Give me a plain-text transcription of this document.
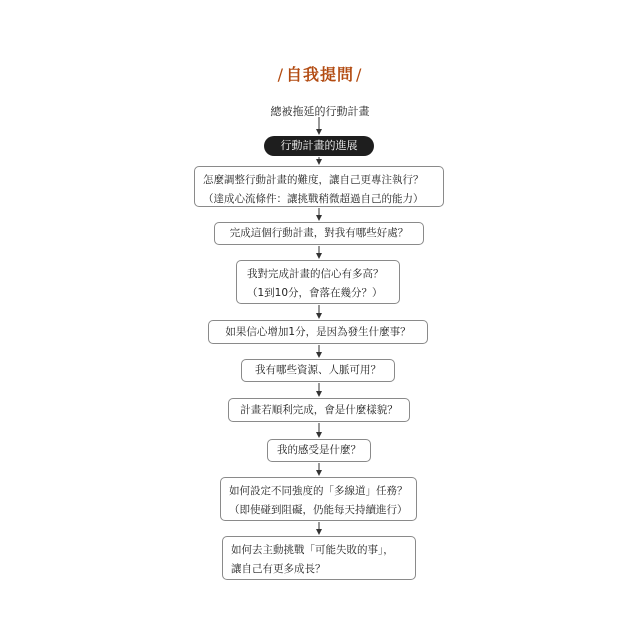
/ 自我提問 /
總被拖延的行動計畫
行動計畫的進展
怎麼調整行動計畫的難度，讓自己更專注執行？
（達成心流條件：讓挑戰稍微超過自己的能力）
完成這個行動計畫，對我有哪些好處？
我對完成計畫的信心有多高？
（1到10分，會落在幾分？）
如果信心增加1分，是因為發生什麼事？
我有哪些資源、人脈可用？
計畫若順利完成，會是什麼樣貌？
我的感受是什麼？
如何設定不同強度的「多線道」任務？
（即使碰到阻礙，仍能每天持續進行）
如何去主動挑戰「可能失敗的事」，
讓自己有更多成長？
